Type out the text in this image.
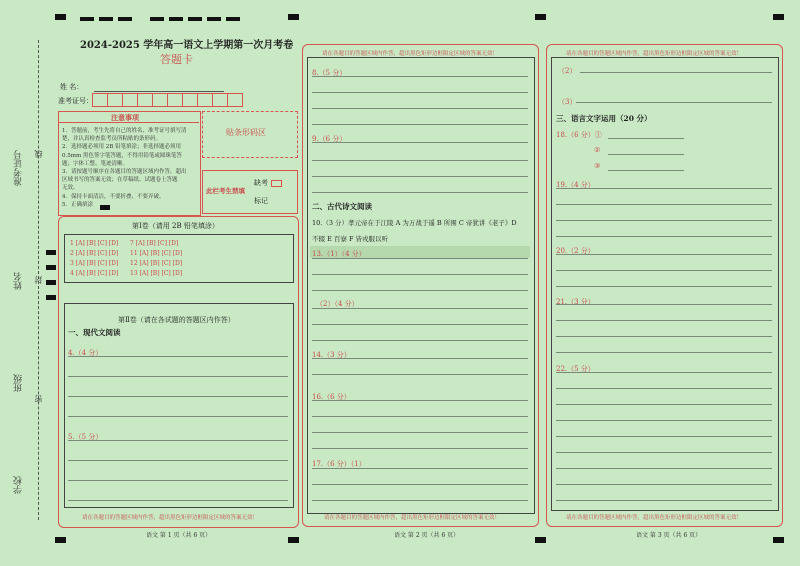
准考证号 线
姓名 封
班级
密
学校
2024-2025 学年高一语文上学期第一次月考卷
答题卡
姓 名：
准考证号：
注意事项
1．答题前，考生先将自己的姓名、准考证号填写清
楚，并认真检查监考员所粘贴的条形码。
2．选择题必须用 2B 铅笔填涂；非选择题必须用
0.5mm 黑色签字笔答题，不得用铅笔或圆珠笔答
题；字体工整、笔迹清晰。
3．请按题号顺序在各题目的答题区域内作答，超出
区域书写的答案无效；在草稿纸、试题卷上答题
无效。
4．保持卡面清洁，不要折叠、不要弄破。
5．正确填涂
贴条形码区
此栏考生禁填
缺考
标记
第Ⅰ卷（请用 2B 铅笔填涂）
1 [A] [B] [C] [D]
2 [A] [B] [C] [D]
3 [A] [B] [C] [D]
4 [A] [B] [C] [D]
7 [A] [B] [C] [D]
11 [A] [B] [C] [D]
12 [A] [B] [C] [D]
13 [A] [B] [C] [D]
第Ⅱ卷（请在各试题的答题区内作答）
一、现代文阅读
4.（4 分）
5.（5 分）
请在各题目的答题区域内作答，超出黑色矩形边框限定区域的答案无效！
语文 第 1 页（共 6 页）
请在各题目的答题区域内作答，超出黑色矩形边框限定区域的答案无效！
8.（5 分）
9.（6 分）
二、古代诗文阅读
10.（3 分）孝元帝在于江陵 A 为万战于遥 B 所围 C 帝犹讲《老子》D
不辍 E 百寮 F 皆戎服以听
13.（1）（4 分）
（2）（4 分）
14.（3 分）
16.（6 分）
17.（6 分）（1）
请在各题目的答题区域内作答，超出黑色矩形边框限定区域的答案无效！
语文 第 2 页（共 6 页）
请在各题目的答题区域内作答，超出黑色矩形边框限定区域的答案无效！
（2）
（3）
三、语言文字运用（20 分）
18.（6 分）①
②
③
19.（4 分）
20.（2 分）
21.（3 分）
22.（5 分）
请在各题目的答题区域内作答，超出黑色矩形边框限定区域的答案无效！
语文 第 3 页（共 6 页）
